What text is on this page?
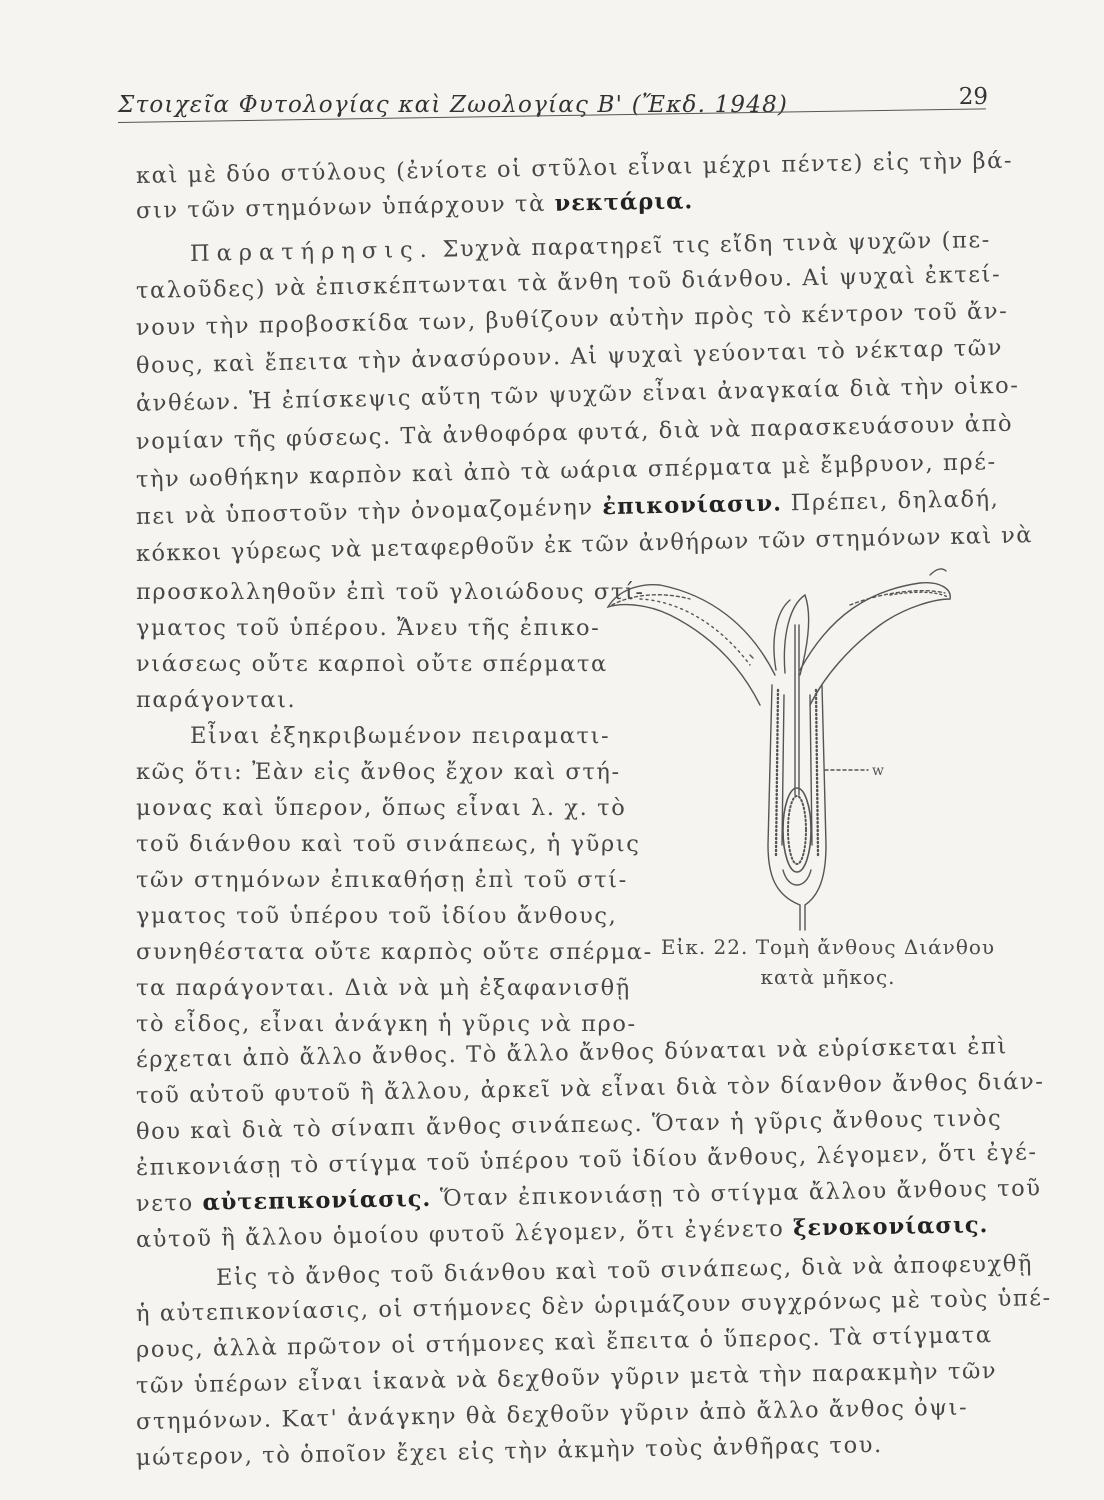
Στοιχεῖα Φυτολογίας καὶ Ζωολογίας Β' (Ἔκδ. 1948)	29
καὶ μὲ δύο στύλους (ἐνίοτε οἱ στῦλοι εἶναι μέχρι πέντε) εἰς τὴν βά-
σιν τῶν στημόνων ὑπάρχουν τὰ νεκτάρια.
Παρατήρησις. Συχνὰ παρατηρεῖ τις εἴδη τινὰ ψυχῶν (πε-
ταλοῦδες) νὰ ἐπισκέπτωνται τὰ ἄνθη τοῦ διάνθου. Αἱ ψυχαὶ ἐκτεί-
νουν τὴν προβοσκίδα των, βυθίζουν αὐτὴν πρὸς τὸ κέντρον τοῦ ἄν-
θους, καὶ ἔπειτα τὴν ἀνασύρουν. Αἱ ψυχαὶ γεύονται τὸ νέκταρ τῶν
ἀνθέων. Ἡ ἐπίσκεψις αὕτη τῶν ψυχῶν εἶναι ἀναγκαία διὰ τὴν οἰκο-
νομίαν τῆς φύσεως. Τὰ ἀνθοφόρα φυτά, διὰ νὰ παρασκευάσουν ἀπὸ
τὴν ωοθήκην καρπὸν καὶ ἀπὸ τὰ ωάρια σπέρματα μὲ ἔμβρυον, πρέ-
πει νὰ ὑποστοῦν τὴν ὀνομαζομένην ἐπικονίασιν. Πρέπει, δηλαδή,
κόκκοι γύρεως νὰ μεταφερθοῦν ἐκ τῶν ἀνθήρων τῶν στημόνων καὶ νὰ
προσκολληθοῦν ἐπὶ τοῦ γλοιώδους στί-
γματος τοῦ ὑπέρου. Ἄνευ τῆς ἐπικο-
νιάσεως οὔτε καρποὶ οὔτε σπέρματα
παράγονται.
Εἶναι ἐξηκριβωμένον πειραματι-
κῶς ὅτι: Ἐὰν εἰς ἄνθος ἔχον καὶ στή-
μονας καὶ ὕπερον, ὅπως εἶναι λ. χ. τὸ
τοῦ διάνθου καὶ τοῦ σινάπεως, ἡ γῦρις
τῶν στημόνων ἐπικαθήσῃ ἐπὶ τοῦ στί-
γματος τοῦ ὑπέρου τοῦ ἰδίου ἄνθους,
συνηθέστατα οὔτε καρπὸς οὔτε σπέρμα-
τα παράγονται. Διὰ νὰ μὴ ἐξαφανισθῇ
τὸ εἶδος, εἶναι ἀνάγκη ἡ γῦρις νὰ προ-
έρχεται ἀπὸ ἄλλο ἄνθος. Τὸ ἄλλο ἄνθος δύναται νὰ εὑρίσκεται ἐπὶ
τοῦ αὐτοῦ φυτοῦ ἢ ἄλλου, ἀρκεῖ νὰ εἶναι διὰ τὸν δίανθον ἄνθος διάν-
θου καὶ διὰ τὸ σίναπι ἄνθος σινάπεως. Ὅταν ἡ γῦρις ἄνθους τινὸς
ἐπικονιάσῃ τὸ στίγμα τοῦ ὑπέρου τοῦ ἰδίου ἄνθους, λέγομεν, ὅτι ἐγέ-
νετο αὐτεπικονίασις. Ὅταν ἐπικονιάσῃ τὸ στίγμα ἄλλου ἄνθους τοῦ
αὐτοῦ ἢ ἄλλου ὁμοίου φυτοῦ λέγομεν, ὅτι ἐγένετο ξενοκονίασις.
Εἰς τὸ ἄνθος τοῦ διάνθου καὶ τοῦ σινάπεως, διὰ νὰ ἀποφευχθῇ
ἡ αὐτεπικονίασις, οἱ στήμονες δὲν ὡριμάζουν συγχρόνως μὲ τοὺς ὑπέ-
ρους, ἀλλὰ πρῶτον οἱ στήμονες καὶ ἔπειτα ὁ ὕπερος. Τὰ στίγματα
τῶν ὑπέρων εἶναι ἱκανὰ νὰ δεχθοῦν γῦριν μετὰ τὴν παρακμὴν τῶν
στημόνων. Κατ' ἀνάγκην θὰ δεχθοῦν γῦριν ἀπὸ ἄλλο ἄνθος ὀψι-
μώτερον, τὸ ὁποῖον ἔχει εἰς τὴν ἀκμὴν τοὺς ἀνθῆρας του.
w
Εἰκ. 22. Τομὴ ἄνθους Διάνθου
κατὰ μῆκος.
